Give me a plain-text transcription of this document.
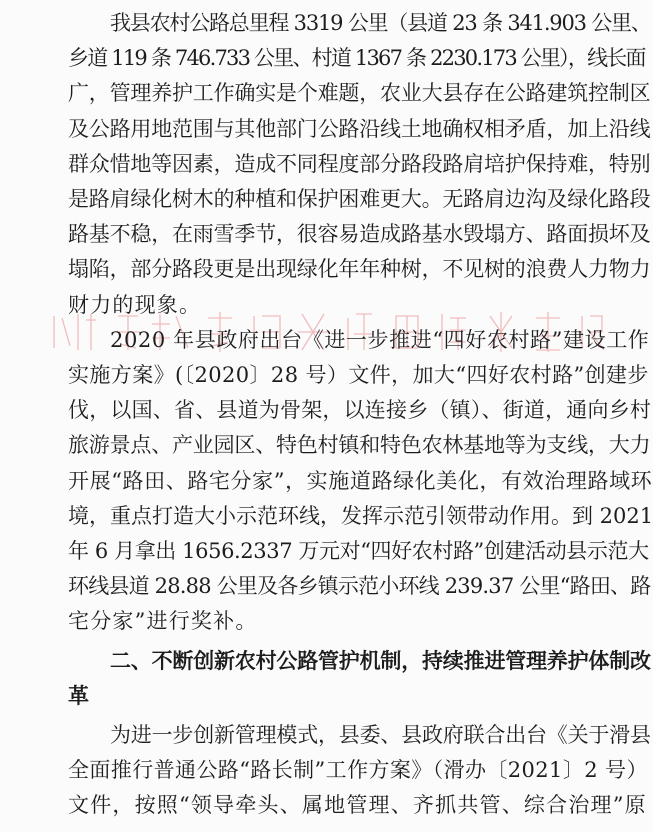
我县农村公路总里程 3319 公里（县道 23 条 341.903 公里、
乡道 119 条 746.733 公里、村道 1367 条 2230.173 公里），线长面
广，管理养护工作确实是个难题，农业大县存在公路建筑控制区
及公路用地范围与其他部门公路沿线土地确权相矛盾，加上沿线
群众惜地等因素，造成不同程度部分路段路肩培护保持难，特别
是路肩绿化树木的种植和保护困难更大。无路肩边沟及绿化路段
路基不稳，在雨雪季节，很容易造成路基水毁塌方、路面损坏及
塌陷，部分路段更是出现绿化年年种树，不见树的浪费人力物力
财力的现象。
2020 年县政府出台《进一步推进“四好农村路”建设工作
实施方案》(〔2020〕28 号）文件，加大“四好农村路”创建步
伐，以国、省、县道为骨架，以连接乡（镇）、街道，通向乡村
旅游景点、产业园区、特色村镇和特色农林基地等为支线，大力
开展“路田、路宅分家”，实施道路绿化美化，有效治理路域环
境，重点打造大小示范环线，发挥示范引领带动作用。到 2021
年 6 月拿出 1656.2337 万元对“四好农村路”创建活动县示范大
环线县道 28.88 公里及各乡镇示范小环线 239.37 公里“路田、路
宅分家”进行奖补。
二、不断创新农村公路管护机制，持续推进管理养护体制改
革
为进一步创新管理模式，县委、县政府联合出台《关于滑县
全面推行普通公路“路长制”工作方案》（滑办〔2021〕2 号）
文件，按照“领导牵头、属地管理、齐抓共管、综合治理”原
